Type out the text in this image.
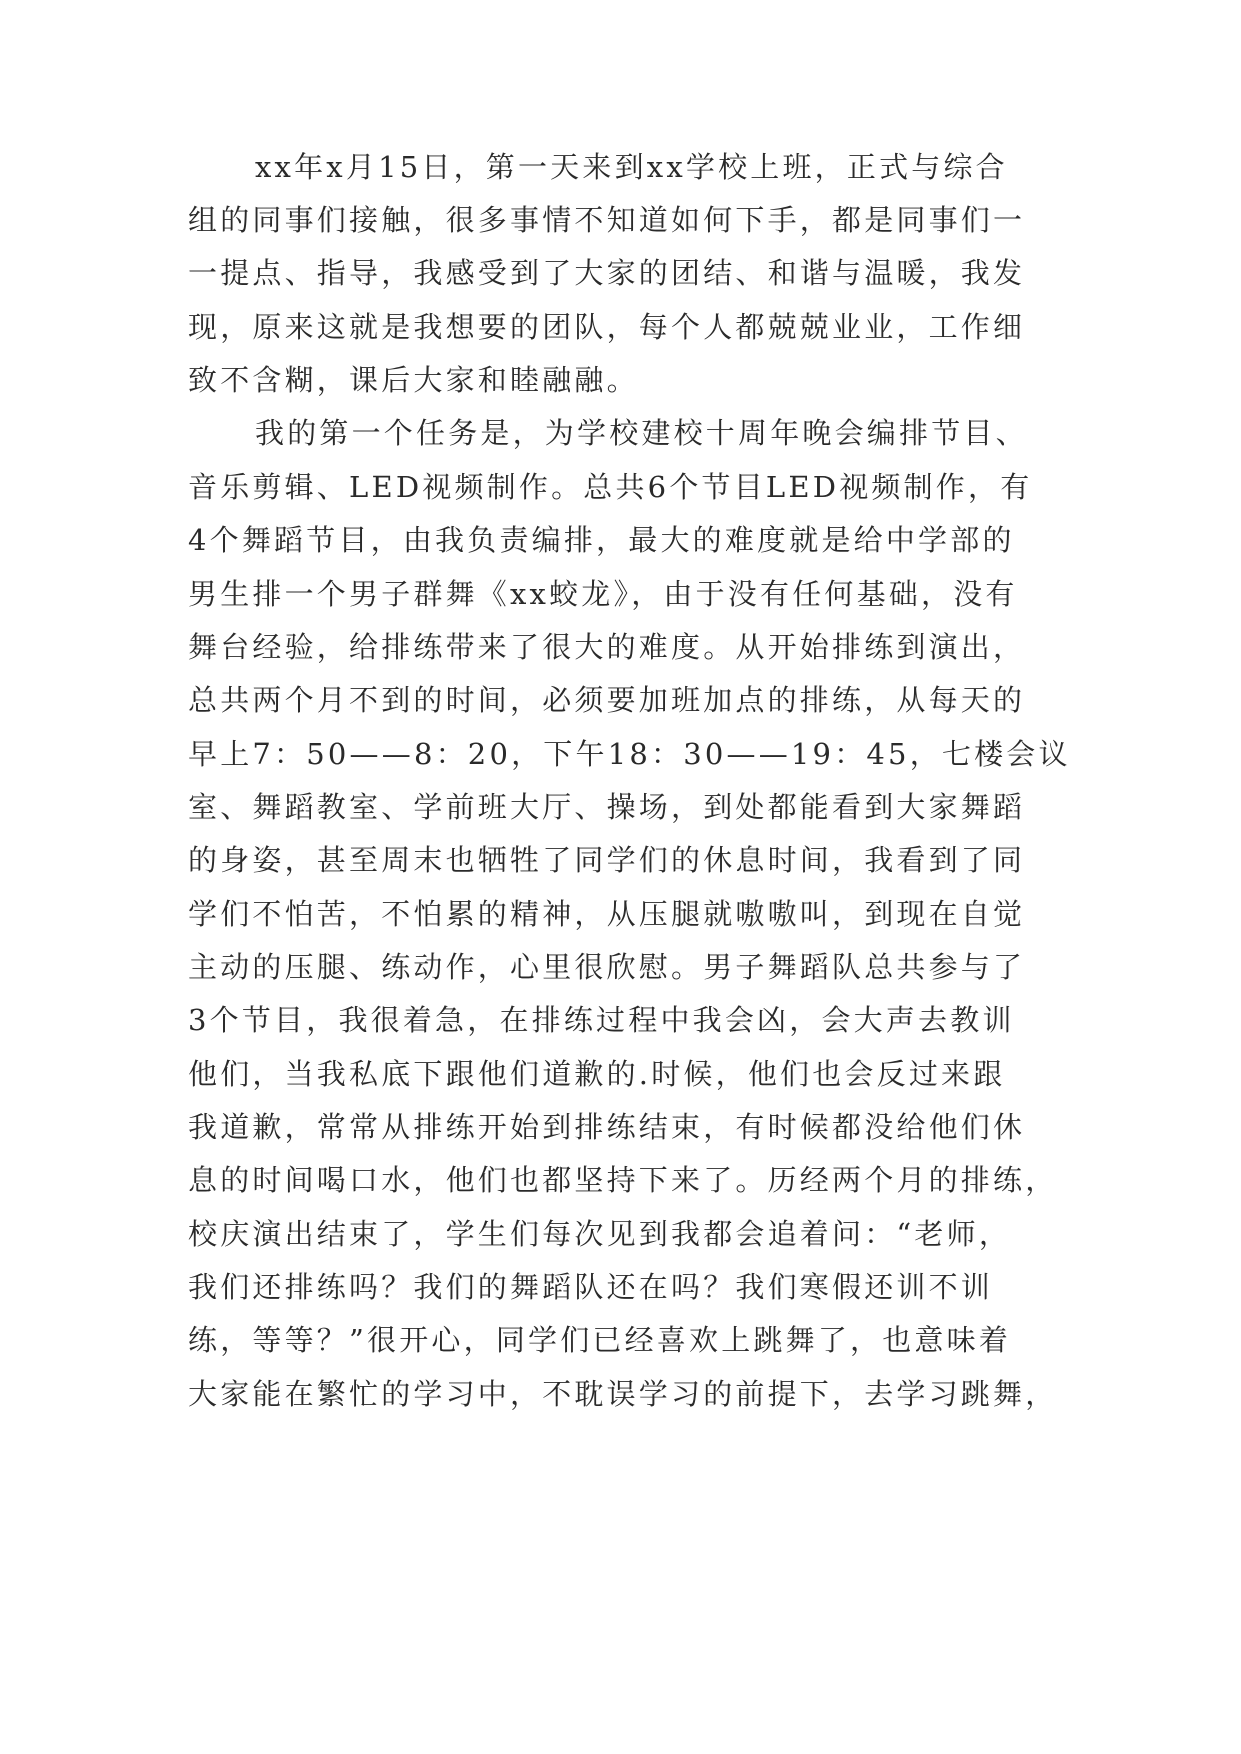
xx年x月15日，第一天来到xx学校上班，正式与综合
组的同事们接触，很多事情不知道如何下手，都是同事们一
一提点、指导，我感受到了大家的团结、和谐与温暖，我发
现，原来这就是我想要的团队，每个人都兢兢业业，工作细
致不含糊，课后大家和睦融融。
我的第一个任务是，为学校建校十周年晚会编排节目、
音乐剪辑、LED视频制作。总共6个节目LED视频制作，有
4个舞蹈节目，由我负责编排，最大的难度就是给中学部的
男生排一个男子群舞《xx蛟龙》，由于没有任何基础，没有
舞台经验，给排练带来了很大的难度。从开始排练到演出，
总共两个月不到的时间，必须要加班加点的排练，从每天的
早上7：50——8：20，下午18：30——19：45，七楼会议
室、舞蹈教室、学前班大厅、操场，到处都能看到大家舞蹈
的身姿，甚至周末也牺牲了同学们的休息时间，我看到了同
学们不怕苦，不怕累的精神，从压腿就嗷嗷叫，到现在自觉
主动的压腿、练动作，心里很欣慰。男子舞蹈队总共参与了
3个节目，我很着急，在排练过程中我会凶，会大声去教训
他们，当我私底下跟他们道歉的.时候，他们也会反过来跟
我道歉，常常从排练开始到排练结束，有时候都没给他们休
息的时间喝口水，他们也都坚持下来了。历经两个月的排练，
校庆演出结束了，学生们每次见到我都会追着问：“老师，
我们还排练吗？我们的舞蹈队还在吗？我们寒假还训不训
练，等等？”很开心，同学们已经喜欢上跳舞了，也意味着
大家能在繁忙的学习中，不耽误学习的前提下，去学习跳舞，
